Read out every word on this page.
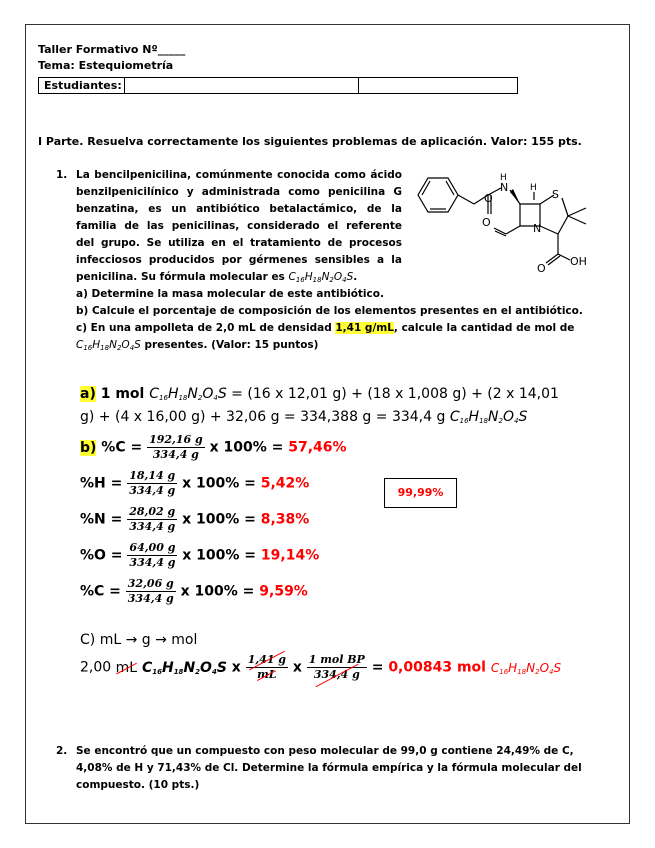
Taller Formativo Nº_____
Tema: Estequiometría
Estudiantes:
I Parte. Resuelva correctamente los siguientes problemas de aplicación. Valor: 155 pts.
1. La bencilpenicilina, comúnmente conocida como ácido
benzilpenicilínico y administrada como penicilina G
benzatina, es un antibiótico betalactámico, de la
familia de las penicilinas, considerado el referente
del grupo. Se utiliza en el tratamiento de procesos
infecciosos producidos por gérmenes sensibles a la
penicilina. Su fórmula molecular es $C_{16}H_{18}N_2O_4S$.
a) Determine la masa molecular de este antibiótico.
b) Calcule el porcentaje de composición de los elementos presentes en el antibiótico.
c) En una ampolleta de 2,0 mL de densidad 1,41 g/mL, calcule la cantidad de mol de
$C_{16}H_{18}N_2O_4S$ presentes. (Valor: 15 puntos)
N
H
H S
N
O
O
O
OH
a) 1 mol $C_{16}H_{18}N_2O_4S = (16$ x 12,01 g) + (18 x 1,008 g) + (2 x 14,01
g) + (4 x 16,00 g) + 32,06 g = 334,388 g = 334,4 g $C_{16}H_{18}N_2O_4S$
b) $\%C = \frac{192,16 g}{334,4 g}$ x 100% = 57,46%
$\%H = \frac{18,14 g}{334,4 g}$ x 100% = 5,42%
$\%N = \frac{28,02 g}{334,4 g}$ x 100% = 8,38%
$\%O = \frac{64,00 g}{334,4 g}$ x 100% = 19,14%
$\%C = \frac{32,06 g}{334,4 g}$ x 100% = 9,59%
99,99%
C) mL → g → mol
2,00 mL $C_{16}H_{18}N_2O_4S$ x $\frac{1,41 g}{mL}$ x $\frac{\text{1 mol BP}}{334,4 g} = 0,00843$ mol $C_{16}H_{18}N_2O_4S$
2. Se encontró que un compuesto con peso molecular de 99,0 g contiene 24,49% de C,
4,08% de H y 71,43% de Cl. Determine la fórmula empírica y la fórmula molecular del
compuesto. (10 pts.)
